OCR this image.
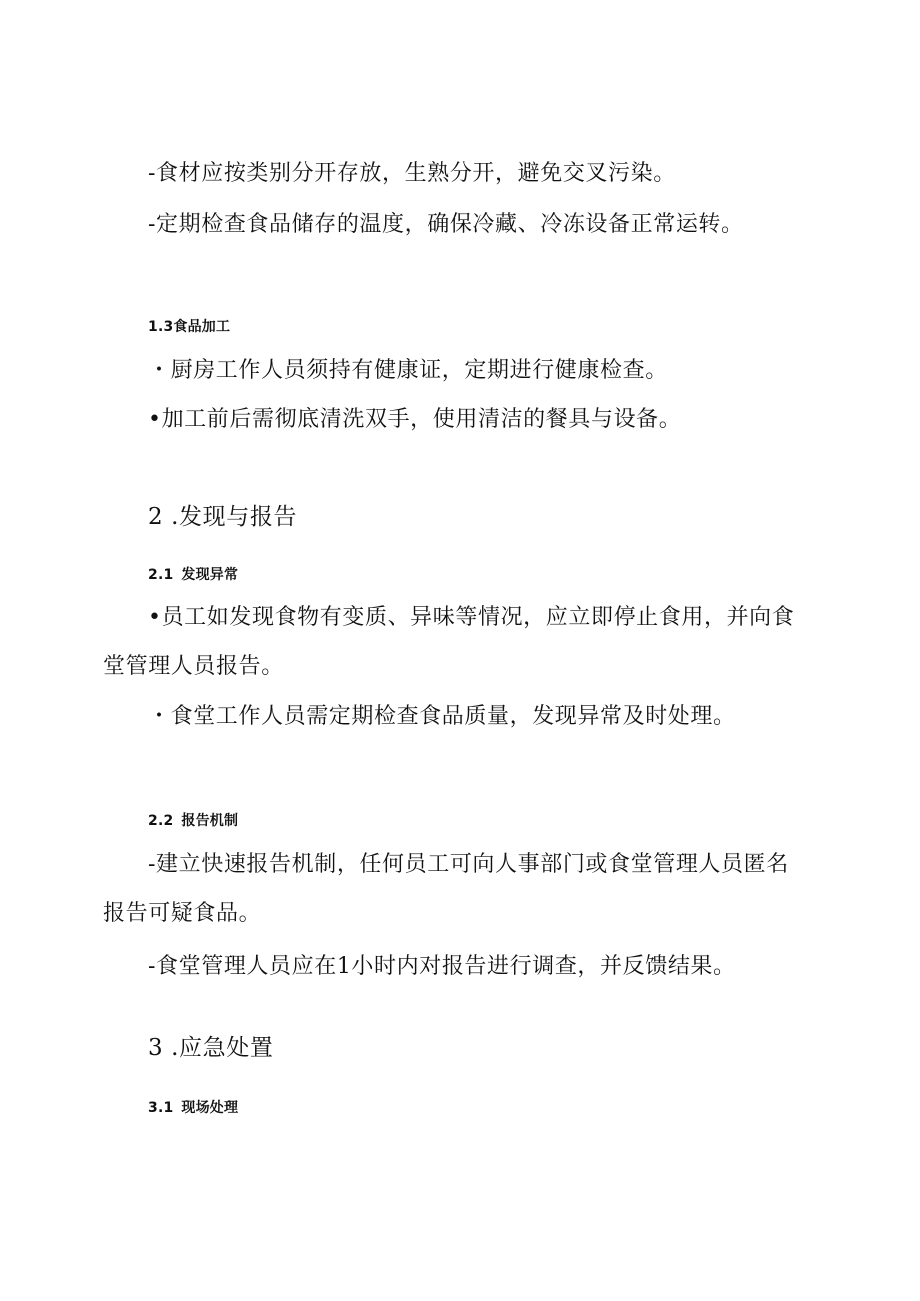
-食材应按类别分开存放，生熟分开，避免交叉污染。
-定期检查食品储存的温度，确保冷藏、冷冻设备正常运转。
1.3食品加工
・厨房工作人员须持有健康证，定期进行健康检查。
•加工前后需彻底清洗双手，使用清洁的餐具与设备。
2 .发现与报告
2.1 发现异常
•员工如发现食物有变质、异味等情况，应立即停止食用，并向食
堂管理人员报告。
・食堂工作人员需定期检查食品质量，发现异常及时处理。
2.2 报告机制
-建立快速报告机制，任何员工可向人事部门或食堂管理人员匿名
报告可疑食品。
-食堂管理人员应在1小时内对报告进行调查，并反馈结果。
3 .应急处置
3.1 现场处理
